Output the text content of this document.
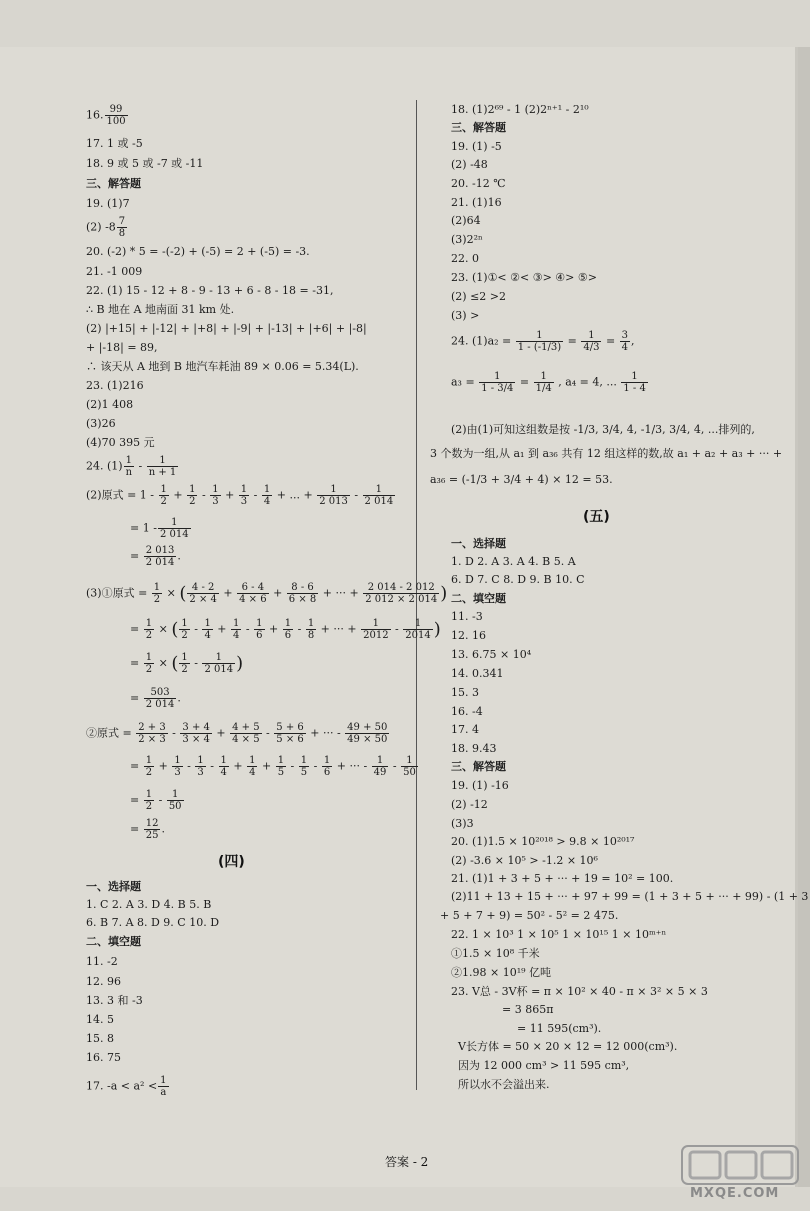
16. $\frac{99}{100}$
17. 1 或 -5
18. 9 或 5 或 -7 或 -11
三、解答题
19. (1)7
(2) $-8 \frac{7}{8}$
20. (-2) * 5 = -(-2) + (-5) = 2 + (-5) = -3.
21. -1 009
22. (1) 15 - 12 + 8 - 9 - 13 + 6 - 8 - 18 = -31,
∴ B 地在 A 地南面 31 km 处.
(2) |+15| + |-12| + |+8| + |-9| + |-13| + |+6| + |-8|
+ |-18| = 89,
∴ 该天从 A 地到 B 地汽车耗油 89 × 0.06 = 5.34(L).
23. (1)216
(2)1 408
(3)26
(4)70 395 元
24. $(1) \frac{1}{n} - \frac{1}{n + 1}$
(2)原式 = $1 - \frac{1}{2} + \frac{1}{2} - \frac{1}{3} + \frac{1}{3} - \frac{1}{4}$ + ... + $\frac{1}{2 013} - \frac{1}{2 014}$
= $1 - \frac{1}{2 014}$
= $\frac{2 013}{2 014}$ .
(3)①原式 = $\frac{1}{2}$ × ( $\frac{4 - 2}{2 \times 4} + \frac{6 - 4}{4 \times 6} + \frac{8 - 6}{6 \times 8}$ + ··· + $\frac{2 014 - 2 012}{2 012 \times 2 014}$ )
= $\frac{1}{2}$ × ( $\frac{1}{2} - \frac{1}{4} + \frac{1}{4} - \frac{1}{6} + \frac{1}{6} - \frac{1}{8}$ + ··· + $\frac{1}{2012} - \frac{1}{2014}$ )
= $\frac{1}{2}$ × ( $\frac{1}{2} - \frac{1}{2 014}$ )
= $\frac{503}{2 014}$ .
②原式 = $\frac{2 + 3}{2 \times 3} - \frac{3 + 4}{3 \times 4} + \frac{4 + 5}{4 \times 5} - \frac{5 + 6}{5 \times 6}$ + ··· - $\frac{49 + 50}{49 \times 50}$
= $\frac{1}{2} + \frac{1}{3} - \frac{1}{3} - \frac{1}{4} + \frac{1}{4} + \frac{1}{5} - \frac{1}{5} - \frac{1}{6}$ + ··· - $\frac{1}{49} - \frac{1}{50}$
= $\frac{1}{2} - \frac{1}{50}$
= $\frac{12}{25}$ .
(四)
一、选择题
1. C 2. A 3. D 4. B 5. B
6. B 7. A 8. D 9. C 10. D
二、填空题
11. -2
12. 96
13. 3 和 -3
14. 5
15. 8
16. 75
17. $-a < a^2 < \frac{1}{a}$
18. (1)2⁶⁹ - 1 (2)2ⁿ⁺¹ - 2¹⁰
三、解答题
19. (1) -5
(2) -48
20. -12 ℃
21. (1)16
(2)64
(3)2²ⁿ
22. 0
23. (1)①< ②< ③> ④> ⑤>
(2) ≤2 >2
(3) >
24. $(1)a_2 = \frac{1}{1 - (-1/3)} = \frac{1}{4/3} = \frac{3}{4}$ ,
$a_3 = \frac{1}{1 - 3/4} = \frac{1}{1/4}$ , a₄ = 4, ... $\frac{1}{1 - 4}$
(2)由(1)可知这组数是按 -1/3, 3/4, 4, -1/3, 3/4, 4, ...排列的,
3 个数为一组,从 a₁ 到 a₃₆ 共有 12 组这样的数,故 a₁ + a₂ + a₃ + ··· +
a₃₆ = (-1/3 + 3/4 + 4) × 12 = 53.
(五)
一、选择题
1. D 2. A 3. A 4. B 5. A
6. D 7. C 8. D 9. B 10. C
二、填空题
11. -3
12. 16
13. 6.75 × 10⁴
14. 0.341
15. 3
16. -4
17. 4
18. 9.43
三、解答题
19. (1) -16
(2) -12
(3)3
20. (1)1.5 × 10²⁰¹⁸ > 9.8 × 10²⁰¹⁷
(2) -3.6 × 10⁵ > -1.2 × 10⁶
21. (1)1 + 3 + 5 + ··· + 19 = 10² = 100.
(2)11 + 13 + 15 + ··· + 97 + 99 = (1 + 3 + 5 + ··· + 99) - (1 + 3
+ 5 + 7 + 9) = 50² - 5² = 2 475.
22. 1 × 10³ 1 × 10⁵ 1 × 10¹⁵ 1 × 10ᵐ⁺ⁿ
①1.5 × 10⁸ 千米
②1.98 × 10¹⁹ 亿吨
23. V总 - 3V杯 = π × 10² × 40 - π × 3² × 5 × 3
= 3 865π
= 11 595(cm³).
V长方体 = 50 × 20 × 12 = 12 000(cm³).
因为 12 000 cm³ > 11 595 cm³,
所以水不会溢出来.
答案 - 2
MXQE.COM
